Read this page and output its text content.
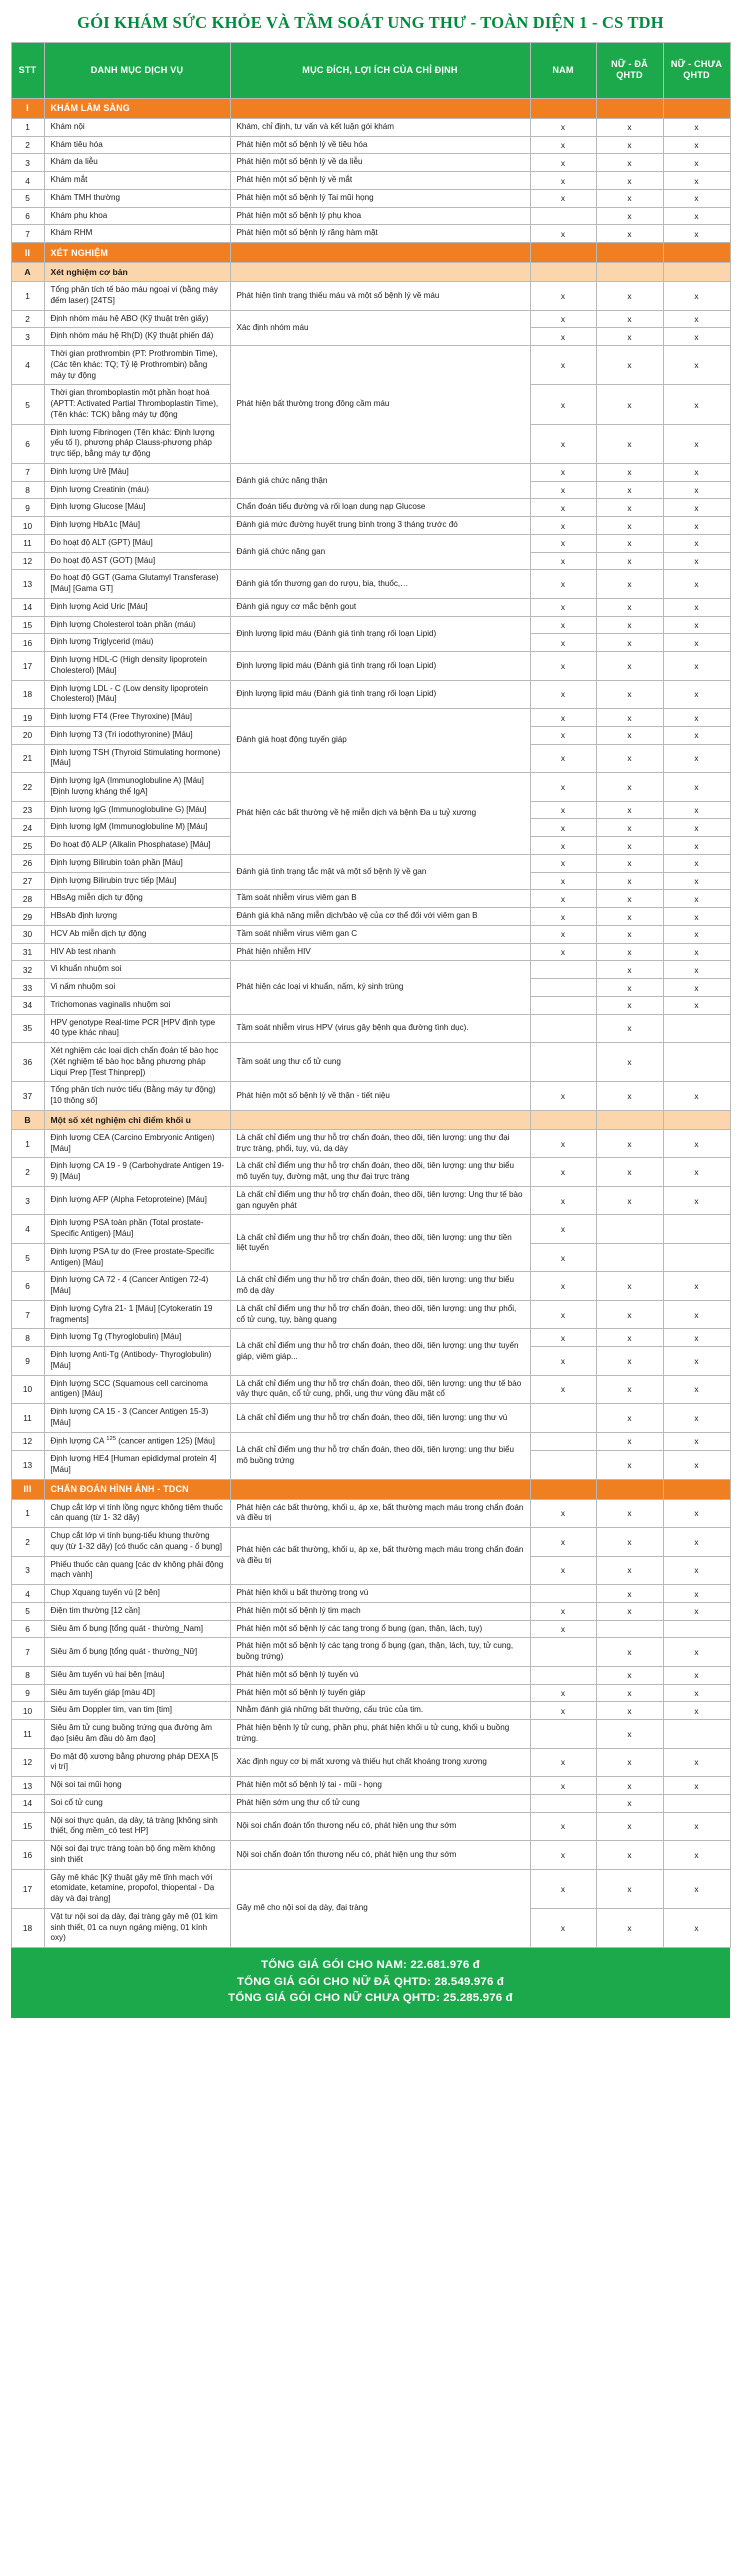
GÓI KHÁM SỨC KHỎE VÀ TẦM SOÁT UNG THƯ - TOÀN DIỆN 1 - CS TDH
STT	DANH MỤC DỊCH VỤ	MỤC ĐÍCH, LỢI ÍCH CỦA CHỈ ĐỊNH	NAM	NỮ - ĐÃ QHTD	NỮ - CHƯA QHTD
I	KHÁM LÂM SÀNG				
1	Khám nội	Khám, chỉ định, tư vấn và kết luận gói khám	x	x	x
2	Khám tiêu hóa	Phát hiện một số bệnh lý về tiêu hóa	x	x	x
3	Khám da liễu	Phát hiện một số bệnh lý về da liễu	x	x	x
4	Khám mắt	Phát hiện một số bệnh lý về mắt	x	x	x
5	Khám TMH thường	Phát hiện một số bệnh lý Tai mũi họng	x	x	x
6	Khám phụ khoa	Phát hiện một số bệnh lý phụ khoa		x	x
7	Khám RHM	Phát hiện một số bệnh lý răng hàm mặt	x	x	x
II	XÉT NGHIỆM				
A	Xét nghiệm cơ bản				
1	Tổng phân tích tế bào máu ngoại vi (bằng máy đếm laser) [24TS]	Phát hiện tình trạng thiếu máu và một số bệnh lý về máu	x	x	x
2	Định nhóm máu hệ ABO (Kỹ thuật trên giấy)	Xác định nhóm máu	x	x	x
3	Định nhóm máu hệ Rh(D) (Kỹ thuật phiến đá)		x	x	x
4	Thời gian prothrombin (PT: Prothrombin Time), (Các tên khác: TQ; Tỷ lệ Prothrombin) bằng máy tự động	Phát hiện bất thường trong đông cầm máu	x	x	x
5	Thời gian thromboplastin một phần hoạt hoá (APTT: Activated Partial Thromboplastin Time), (Tên khác: TCK) bằng máy tự động		x	x	x
6	Định lượng Fibrinogen (Tên khác: Định lượng yếu tố I), phương pháp Clauss-phương pháp trực tiếp, bằng máy tự động		x	x	x
7	Định lượng Urê [Máu]	Đánh giá chức năng thận	x	x	x
8	Định lượng Creatinin (máu)		x	x	x
9	Định lượng Glucose [Máu]	Chẩn đoán tiểu đường và rối loạn dung nạp Glucose	x	x	x
10	Định lượng HbA1c [Máu]	Đánh giá mức đường huyết trung bình trong 3 tháng trước đó	x	x	x
11	Đo hoạt độ ALT (GPT) [Máu]	Đánh giá chức năng gan	x	x	x
12	Đo hoạt độ AST (GOT) [Máu]		x	x	x
13	Đo hoạt độ GGT (Gama Glutamyl Transferase) [Máu] [Gama GT]	Đánh giá tổn thương gan do rượu, bia, thuốc,…	x	x	x
14	Định lượng Acid Uric [Máu]	Đánh giá nguy cơ mắc bệnh gout	x	x	x
15	Định lượng Cholesterol toàn phần (máu)	Định lượng lipid máu (Đánh giá tình trạng rối loạn Lipid)	x	x	x
16	Định lượng Triglycerid (máu)		x	x	x
17	Định lượng HDL-C (High density lipoprotein Cholesterol) [Máu]	Định lượng lipid máu (Đánh giá tình trạng rối loạn Lipid)	x	x	x
18	Định lượng LDL - C (Low density lipoprotein Cholesterol) [Máu]	Định lượng lipid máu (Đánh giá tình trạng rối loạn Lipid)	x	x	x
19	Định lượng FT4 (Free Thyroxine) [Máu]	Đánh giá hoạt động tuyến giáp	x	x	x
20	Định lượng T3 (Tri iodothyronine) [Máu]		x	x	x
21	Định lượng TSH (Thyroid Stimulating hormone) [Máu]		x	x	x
22	Định lượng IgA (Immunoglobuline A) [Máu] [Định lượng kháng thể IgA]	Phát hiện các bất thường về hệ miễn dịch và bệnh Đa u tuỷ xương	x	x	x
23	Định lượng IgG (Immunoglobuline G) [Máu]		x	x	x
24	Định lượng IgM (Immunoglobuline M) [Máu]		x	x	x
25	Đo hoạt độ ALP (Alkalin Phosphatase) [Máu]		x	x	x
26	Định lượng Bilirubin toàn phần [Máu]	Đánh giá tình trạng tắc mật và một số bệnh lý về gan	x	x	x
27	Định lượng Bilirubin trực tiếp [Máu]		x	x	x
28	HBsAg miễn dịch tự động	Tầm soát nhiễm virus viêm gan B	x	x	x
29	HBsAb định lượng	Đánh giá khả năng miễn dịch/bảo vệ của cơ thể đối với viêm gan B	x	x	x
30	HCV Ab miễn dịch tự động	Tầm soát nhiễm virus viêm gan C	x	x	x
31	HIV Ab test nhanh	Phát hiện nhiễm HIV	x	x	x
32	Vi khuẩn nhuộm soi	Phát hiện các loại vi khuẩn, nấm, ký sinh trùng		x	x
33	Vi nấm nhuộm soi			x	x
34	Trichomonas vaginalis nhuộm soi			x	x
35	HPV genotype Real-time PCR [HPV định type 40 type khác nhau]	Tầm soát nhiễm virus HPV (virus gây bệnh qua đường tình dục).		x	
36	Xét nghiệm các loại dịch chẩn đoán tế bào học (Xét nghiệm tế bào học bằng phương pháp Liqui Prep [Test Thinprep])	Tầm soát ung thư cổ tử cung		x	
37	Tổng phân tích nước tiểu (Bằng máy tự động) [10 thông số]	Phát hiện một số bệnh lý về thận - tiết niệu	x	x	x
B	Một số xét nghiệm chỉ điểm khối u				
1	Định lượng CEA (Carcino Embryonic Antigen) [Máu]	Là chất chỉ điểm ung thư hỗ trợ chẩn đoán, theo dõi, tiên lượng: ung thư đại trực tràng, phổi, tuy, vú, dạ dày	x	x	x
2	Định lượng CA 19 - 9 (Carbohydrate Antigen 19-9) [Máu]	Là chất chỉ điểm ung thư hỗ trợ chẩn đoán, theo dõi, tiên lượng: ung thư biểu mô tuyến tụy, đường mật, ung thư đại trực tràng	x	x	x
3	Định lượng AFP (Alpha Fetoproteine) [Máu]	Là chất chỉ điểm ung thư hỗ trợ chẩn đoán, theo dõi, tiên lượng: Ung thư tế bào gan nguyên phát	x	x	x
4	Định lượng PSA toàn phần (Total prostate-Specific Antigen) [Máu]	Là chất chỉ điểm ung thư hỗ trợ chẩn đoán, theo dõi, tiên lượng: ung thư tiền liệt tuyến	x		
5	Định lượng PSA tự do (Free prostate-Specific Antigen) [Máu]		x		
6	Định lượng CA 72 - 4 (Cancer Antigen 72-4) [Máu]	Là chất chỉ điểm ung thư hỗ trợ chẩn đoán, theo dõi, tiên lượng: ung thư biểu mô dạ dày	x	x	x
7	Định lượng Cyfra 21- 1 [Máu] [Cytokeratin 19 fragments]	Là chất chỉ điểm ung thư hỗ trợ chẩn đoán, theo dõi, tiên lượng: ung thư phổi, cổ tử cung, tụy, bàng quang	x	x	x
8	Định lượng Tg (Thyroglobulin) [Máu]	Là chất chỉ điểm ung thư hỗ trợ chẩn đoán, theo dõi, tiên lượng: ung thư tuyến giáp, viêm giáp...	x	x	x
9	Định lượng Anti-Tg (Antibody- Thyroglobulin) [Máu]		x	x	x
10	Định lượng SCC (Squamous cell carcinoma antigen) [Máu]	Là chất chỉ điểm ung thư hỗ trợ chẩn đoán, theo dõi, tiên lượng: ung thư tế bào vảy thực quản, cổ tử cung, phổi, ung thư vùng đầu mặt cổ	x	x	x
11	Định lượng CA 15 - 3 (Cancer Antigen 15-3) [Máu]	Là chất chỉ điểm ung thư hỗ trợ chẩn đoán, theo dõi, tiên lượng: ung thư vú		x	x
12	Định lượng CA $^{125}$ (cancer antigen 125) [Máu]	Là chất chỉ điểm ung thư hỗ trợ chẩn đoán, theo dõi, tiên lượng: ung thư biểu mô buồng trứng		x	x
13	Định lượng HE4 [Human epididymal protein 4] [Máu]			x	x
III	CHẨN ĐOÁN HÌNH ẢNH - TDCN				
1	Chụp cắt lớp vi tính lồng ngực không tiêm thuốc cản quang (từ 1- 32 dãy)	Phát hiện các bất thường, khối u, áp xe, bất thường mạch máu trong chẩn đoán và điều trị	x	x	x
2	Chụp cắt lớp vi tính bụng-tiểu khung thường quy (từ 1-32 dãy) [có thuốc cản quang - ổ bụng]	Phát hiện các bất thường, khối u, áp xe, bất thường mạch máu trong chẩn đoán và điều trị	x	x	x
3	Phiếu thuốc cản quang [các dv không phải động mạch vành]		x	x	x
4	Chụp Xquang tuyến vú [2 bên]	Phát hiện khối u bất thường trong vú		x	x
5	Điện tim thường [12 cần]	Phát hiện một số bệnh lý tim mạch	x	x	x
6	Siêu âm ổ bụng [tổng quát - thường_Nam]	Phát hiện một số bệnh lý các tạng trong ổ bụng (gan, thận, lách, tụy)	x		
7	Siêu âm ổ bụng [tổng quát - thường_Nữ]	Phát hiện một số bệnh lý các tạng trong ổ bụng (gan, thận, lách, tụy, tử cung, buồng trứng)		x	x
8	Siêu âm tuyến vú hai bên [màu]	Phát hiện một số bệnh lý tuyến vú		x	x
9	Siêu âm tuyến giáp [màu 4D]	Phát hiện một số bệnh lý tuyến giáp	x	x	x
10	Siêu âm Doppler tim, van tim [tim]	Nhằm đánh giá những bất thường, cấu trúc của tim.	x	x	x
11	Siêu âm tử cung buồng trứng qua đường âm đạo [siêu âm đầu dò âm đạo]	Phát hiện bệnh lý tử cung, phần phụ, phát hiện khối u tử cung, khối u buồng trứng.		x	
12	Đo mật độ xương bằng phương pháp DEXA [5 vị trí]	Xác định nguy cơ bị mất xương và thiếu hụt chất khoáng trong xương	x	x	x
13	Nội soi tai mũi họng	Phát hiện một số bệnh lý tai - mũi - họng	x	x	x
14	Soi cổ tử cung	Phát hiện sớm ung thư cổ tử cung		x	
15	Nội soi thực quản, dạ dày, tá tràng [không sinh thiết, ống mềm_có test HP]	Nội soi chẩn đoán tổn thương nếu có, phát hiện ung thư sớm	x	x	x
16	Nội soi đại trực tràng toàn bộ ống mềm không sinh thiết	Nội soi chẩn đoán tổn thương nếu có, phát hiện ung thư sớm	x	x	x
17	Gây mê khác [Kỹ thuật gây mê tĩnh mạch với etomidate, ketamine, propofol, thiopental - Dạ dày và đại tràng]	Gây mê cho nội soi dạ dày, đại tràng	x	x	x
18	Vật tư nội soi dạ dày, đại tràng gây mê (01 kim sinh thiết, 01 ca nuyn ngáng miệng, 01 kính oxy)		x	x	x
TỔNG GIÁ GÓI CHO NAM: 22.681.976 đ
TỔNG GIÁ GÓI CHO NỮ ĐÃ QHTD: 28.549.976 đ
TỔNG GIÁ GÓI CHO NỮ CHƯA QHTD: 25.285.976 đ
